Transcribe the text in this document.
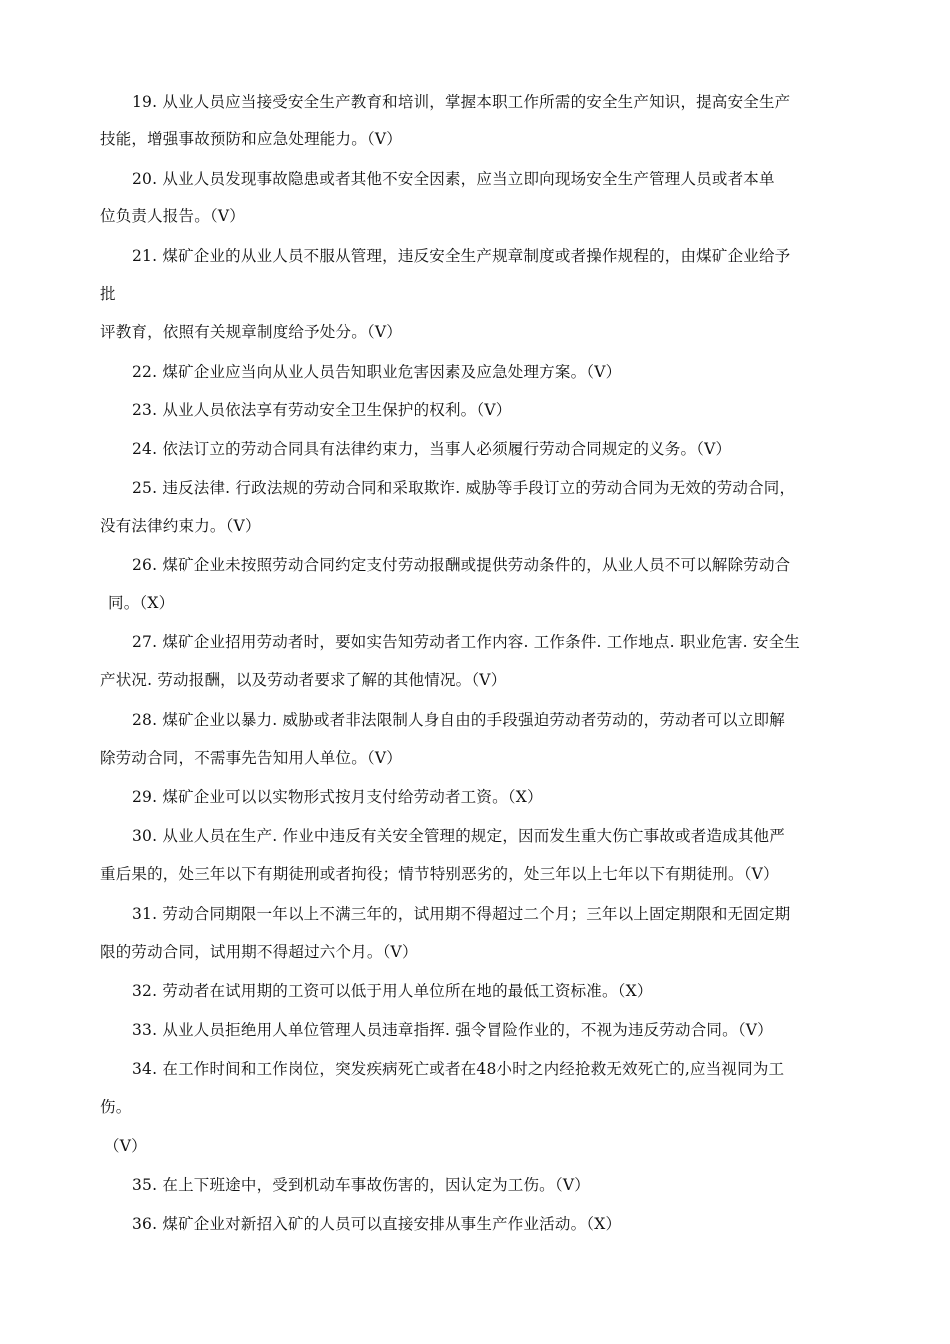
19. 从业人员应当接受安全生产教育和培训，掌握本职工作所需的安全生产知识，提高安全生产
技能，增强事故预防和应急处理能力。（V）
20. 从业人员发现事故隐患或者其他不安全因素，应当立即向现场安全生产管理人员或者本单
位负责人报告。（V）
21. 煤矿企业的从业人员不服从管理，违反安全生产规章制度或者操作规程的，由煤矿企业给予
批
评教育，依照有关规章制度给予处分。（V）
22. 煤矿企业应当向从业人员告知职业危害因素及应急处理方案。（V）
23. 从业人员依法享有劳动安全卫生保护的权利。（V）
24. 依法订立的劳动合同具有法律约束力，当事人必须履行劳动合同规定的义务。（V）
25. 违反法律. 行政法规的劳动合同和采取欺诈. 威胁等手段订立的劳动合同为无效的劳动合同，
没有法律约束力。（V）
26. 煤矿企业未按照劳动合同约定支付劳动报酬或提供劳动条件的，从业人员不可以解除劳动合
同。（X）
27. 煤矿企业招用劳动者时，要如实告知劳动者工作内容. 工作条件. 工作地点. 职业危害. 安全生
产状况. 劳动报酬，以及劳动者要求了解的其他情况。（V）
28. 煤矿企业以暴力. 威胁或者非法限制人身自由的手段强迫劳动者劳动的，劳动者可以立即解
除劳动合同，不需事先告知用人单位。（V）
29. 煤矿企业可以以实物形式按月支付给劳动者工资。（X）
30. 从业人员在生产. 作业中违反有关安全管理的规定，因而发生重大伤亡事故或者造成其他严
重后果的，处三年以下有期徒刑或者拘役；情节特别恶劣的，处三年以上七年以下有期徒刑。（V）
31. 劳动合同期限一年以上不满三年的，试用期不得超过二个月；三年以上固定期限和无固定期
限的劳动合同，试用期不得超过六个月。（V）
32. 劳动者在试用期的工资可以低于用人单位所在地的最低工资标准。（X）
33. 从业人员拒绝用人单位管理人员违章指挥. 强令冒险作业的，不视为违反劳动合同。（V）
34. 在工作时间和工作岗位，突发疾病死亡或者在48小时之内经抢救无效死亡的,应当视同为工
伤。
（V）
35. 在上下班途中，受到机动车事故伤害的，因认定为工伤。（V）
36. 煤矿企业对新招入矿的人员可以直接安排从事生产作业活动。（X）
